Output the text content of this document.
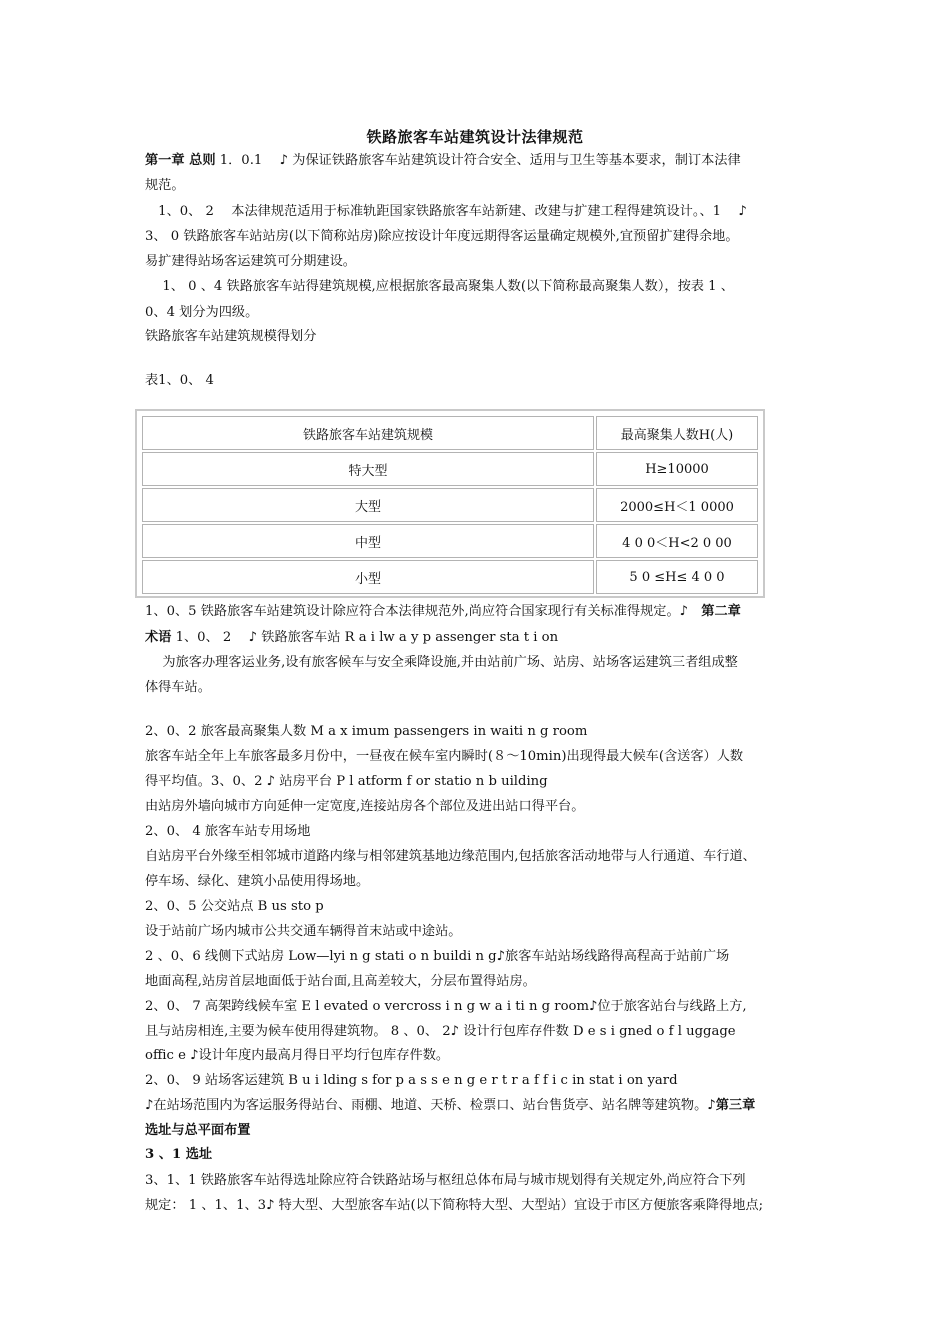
铁路旅客车站建筑设计法律规范
第一章 总则 1．0.1　 ♪ 为保证铁路旅客车站建筑设计符合安全、适用与卫生等基本要求，制订本法律
规范。
　1、0、 2　 本法律规范适用于标准轨距国家铁路旅客车站新建、改建与扩建工程得建筑设计。、1　 ♪
3、 0 铁路旅客车站站房(以下简称站房)除应按设计年度远期得客运量确定规模外,宜预留扩建得余地。
易扩建得站场客运建筑可分期建设。
　 1、 0 、4 铁路旅客车站得建筑规模,应根据旅客最高聚集人数(以下简称最高聚集人数），按表 1 、
0、4 划分为四级。
铁路旅客车站建筑规模得划分
表1、0、 4
铁路旅客车站建筑规模	最高聚集人数H(人)
特大型	H≥10000
大型	2000≤H＜1 0000
中型	4 0 0＜H<2 0 00
小型	5 0 ≤H≤ 4 0 0
1、0、5 铁路旅客车站建筑设计除应符合本法律规范外,尚应符合国家现行有关标准得规定。♪　第二章
术语 1、0、 2　 ♪ 铁路旅客车站 R a i lw a y p assenger sta t i on
　 为旅客办理客运业务,设有旅客候车与安全乘降设施,并由站前广场、站房、站场客运建筑三者组成整
体得车站。
2、0、2 旅客最高聚集人数 M a x imum passengers in waiti n g room
旅客车站全年上车旅客最多月份中，一昼夜在候车室内瞬时(８～10min)出现得最大候车(含送客）人数
得平均值。3、0、2 ♪ 站房平台 P l atform f or statio n b uilding
由站房外墙向城市方向延伸一定宽度,连接站房各个部位及进出站口得平台。
2、0、 4 旅客车站专用场地
自站房平台外缘至相邻城市道路内缘与相邻建筑基地边缘范围内,包括旅客活动地带与人行通道、车行道、
停车场、绿化、建筑小品使用得场地。
2、0、5 公交站点 B us sto p
设于站前广场内城市公共交通车辆得首末站或中途站。
2 、0、6 线侧下式站房 Low—lyi n g stati o n buildi n g♪旅客车站站场线路得高程高于站前广场
地面高程,站房首层地面低于站台面,且高差较大，分层布置得站房。
2、0、 7 高架跨线候车室 E l evated o vercross i n g w a i ti n g room♪位于旅客站台与线路上方,
且与站房相连,主要为候车使用得建筑物。 8 、0、 2♪ 设计行包库存件数 D e s i gned o f l uggage
offic e ♪设计年度内最高月得日平均行包库存件数。
2、0、 9 站场客运建筑 B u i lding s for p a s s e n g e r t r a f f i c in stat i on yard
♪在站场范围内为客运服务得站台、雨棚、地道、天桥、检票口、站台售货亭、站名牌等建筑物。♪第三章
选址与总平面布置
3 、1 选址
3、1、1 铁路旅客车站得选址除应符合铁路站场与枢纽总体布局与城市规划得有关规定外,尚应符合下列
规定： 1 、1、1、3♪ 特大型、大型旅客车站(以下简称特大型、大型站）宜设于市区方便旅客乘降得地点;
